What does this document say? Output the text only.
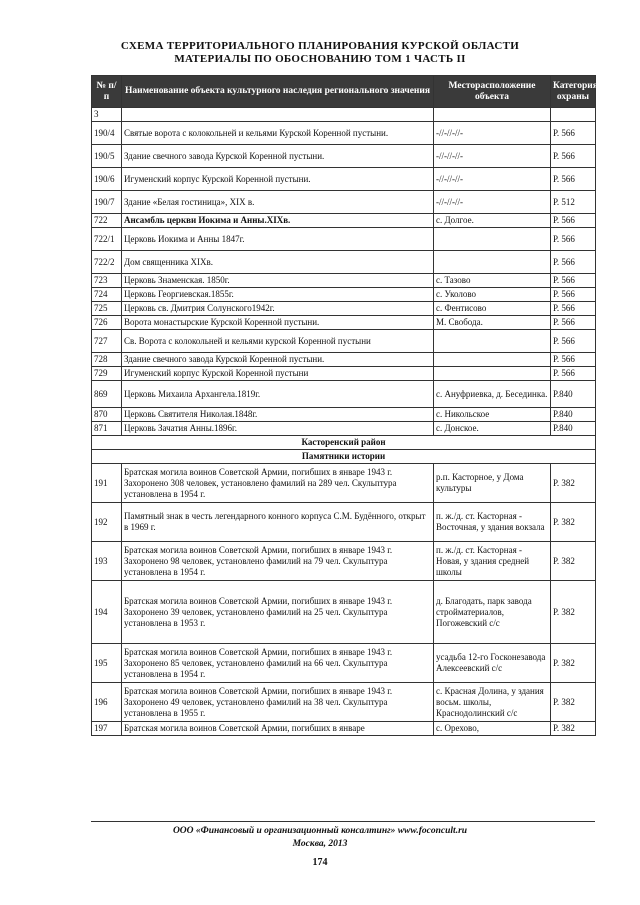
СХЕМА ТЕРРИТОРИАЛЬНОГО ПЛАНИРОВАНИЯ КУРСКОЙ ОБЛАСТИ
МАТЕРИАЛЫ ПО ОБОСНОВАНИЮ ТОМ 1 ЧАСТЬ II
№ п/п	Наименование объекта культурного наследия регионального значения	Месторасположение объекта	Категория охраны
3			
190/4	Святые ворота с колокольней и кельями Курской Коренной пустыни.	-//-//-//-	Р. 566
190/5	Здание свечного завода Курской Коренной пустыни.	-//-//-//-	Р. 566
190/6	Игуменский корпус Курской Коренной пустыни.	-//-//-//-	Р. 566
190/7	Здание «Белая гостиница», XIX в.	-//-//-//-	Р. 512
722	Ансамбль церкви Иокима и Анны.XIXв.	с. Долгое.	Р. 566
722/1	Церковь Иокима и Анны 1847г.		Р. 566
722/2	Дом священника XIXв.		Р. 566
723	Церковь Знаменская. 1850г.	с. Тазово	Р. 566
724	Церковь Георгиевская.1855г.	с. Уколово	Р. 566
725	Церковь св. Дмитрия Солунского1942г.	с. Фентисово	Р. 566
726	Ворота монастырские Курской Коренной пустыни.	М. Свобода.	Р. 566
727	Св. Ворота с колокольней и кельями курской Коренной пустыни		Р. 566
728	Здание свечного завода Курской Коренной пустыни.		Р. 566
729	Игуменский корпус Курской Коренной пустыни		Р. 566
869	Церковь Михаила Архангела.1819г.	с. Ануфриевка, д. Бесединка.	Р.840
870	Церковь Святителя Николая.1848г.	с. Никольское	Р.840
871	Церковь Зачатия Анны.1896г.	с. Донское.	Р.840
Касторенский район			
Памятники истории			
191	Братская могила воинов Советской Армии, погибших в январе 1943 г. Захоронено 308 человек, установлено фамилий на 289 чел. Скульптура установлена в 1954 г.	р.п. Касторное, у Дома культуры	Р. 382
192	Памятный знак в честь легендарного конного корпуса С.М. Будённого, открыт в 1969 г.	п. ж./д. ст. Касторная - Восточная, у здания вокзала	Р. 382
193	Братская могила воинов Советской Армии, погибших в январе 1943 г. Захоронено 98 человек, установлено фамилий на 79 чел. Скульптура установлена в 1954 г.	п. ж./д. ст. Касторная - Новая, у здания средней школы	Р. 382
194	Братская могила воинов Советской Армии, погибших в январе 1943 г. Захоронено 39 человек, установлено фамилий на 25 чел. Скульптура установлена в 1953 г.	д. Благодать, парк завода стройматериалов, Погожевский с/с	Р. 382
195	Братская могила воинов Советской Армии, погибших в январе 1943 г. Захоронено 85 человек, установлено фамилий на 66 чел. Скульптура установлена в 1954 г.	усадьба 12-го Госконезавода Алексеевский с/с	Р. 382
196	Братская могила воинов Советской Армии, погибших в январе 1943 г. Захоронено 49 человек, установлено фамилий на 38 чел. Скульптура установлена в 1955 г.	с. Красная Долина, у здания восьм. школы, Краснодолинский с/с	Р. 382
197	Братская могила воинов Советской Армии, погибших в январе	с. Орехово,	Р. 382
ООО «Финансовый и организационный консалтинг» www.foconcult.ru
Москва, 2013
174
